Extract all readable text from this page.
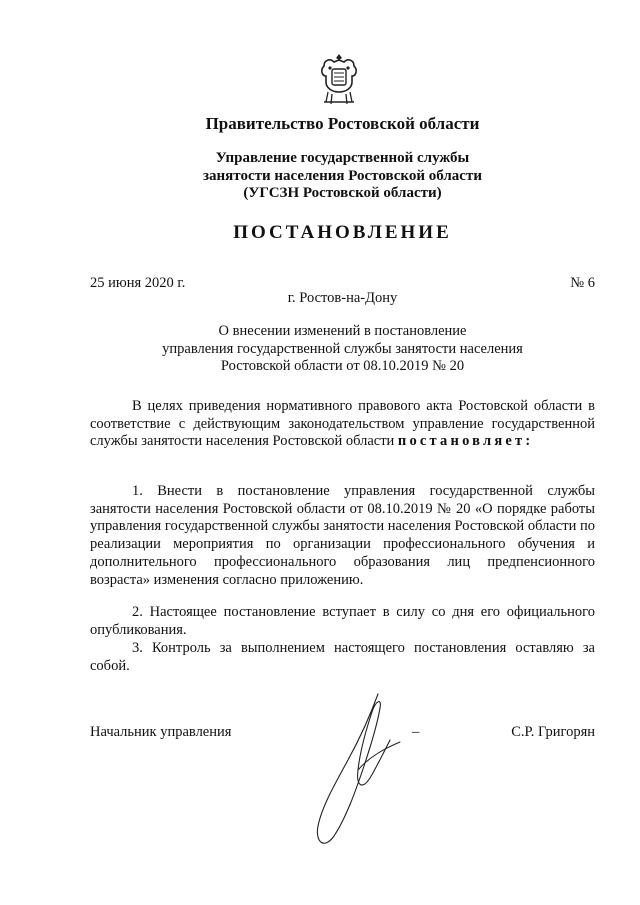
Правительство Ростовской области
Управление государственной службы
занятости населения Ростовской области
(УГСЗН Ростовской области)
ПОСТАНОВЛЕНИЕ
25 июня 2020 г.	№ 6
г. Ростов-на-Дону
О внесении изменений в постановление
управления государственной службы занятости населения
Ростовской области от 08.10.2019 № 20

В целях приведения нормативного правового акта Ростовской области в соответствие с действующим законодательством управление государственной службы занятости населения Ростовской области постановляет:

1. Внести в постановление управления государственной службы занятости населения Ростовской области от 08.10.2019 № 20 «О порядке работы управления государственной службы занятости населения Ростовской области по реализации мероприятия по организации профессионального обучения и дополнительного профессионального образования лиц предпенсионного возраста» изменения согласно приложению.

2. Настоящее постановление вступает в силу со дня его официального опубликования.

3. Контроль за выполнением настоящего постановления оставляю за собой.

Начальник управления	–	С.Р. Григорян
